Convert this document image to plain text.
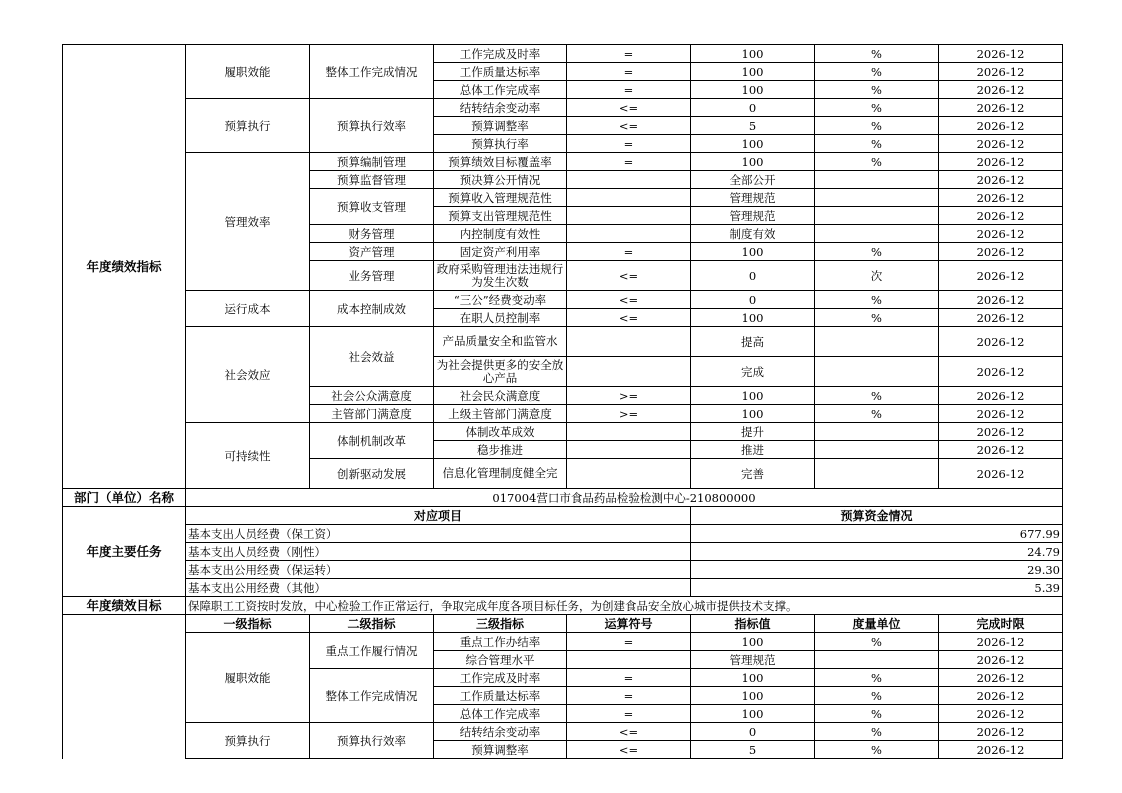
年度绩效指标	履职效能	整体工作完成情况	工作完成及时率	=	100	%	2026-12
			工作质量达标率	=	100	%	2026-12
			总体工作完成率	=	100	%	2026-12
	预算执行	预算执行效率	结转结余变动率	<=	0	%	2026-12
			预算调整率	<=	5	%	2026-12
			预算执行率	=	100	%	2026-12
	管理效率	预算编制管理	预算绩效目标覆盖率	=	100	%	2026-12
		预算监督管理	预决算公开情况		全部公开		2026-12
		预算收支管理	预算收入管理规范性		管理规范		2026-12
			预算支出管理规范性		管理规范		2026-12
		财务管理	内控制度有效性		制度有效		2026-12
		资产管理	固定资产利用率	=	100	%	2026-12
		业务管理	政府采购管理违法违规行为发生次数	<=	0	次	2026-12
	运行成本	成本控制成效	“三公”经费变动率	<=	0	%	2026-12
			在职人员控制率	<=	100	%	2026-12
	社会效应	社会效益	产品质量安全和监管水		提高		2026-12
			为社会提供更多的安全放心产品		完成		2026-12
		社会公众满意度	社会民众满意度	>=	100	%	2026-12
		主管部门满意度	上级主管部门满意度	>=	100	%	2026-12
	可持续性	体制机制改革	体制改革成效		提升		2026-12
			稳步推进		推进		2026-12
		创新驱动发展	信息化管理制度健全完		完善		2026-12
部门（单位）名称	017004营口市食品药品检验检测中心-210800000						
年度主要任务	对应项目				预算资金情况		
	基本支出人员经费（保工资）				677.99		
	基本支出人员经费（刚性）				24.79		
	基本支出公用经费（保运转）				29.30		
	基本支出公用经费（其他）				5.39		
年度绩效目标	保障职工工资按时发放，中心检验工作正常运行，争取完成年度各项目标任务，为创建食品安全放心城市提供技术支撑。						
	一级指标	二级指标	三级指标	运算符号	指标值	度量单位	完成时限
	履职效能	重点工作履行情况	重点工作办结率	=	100	%	2026-12
			综合管理水平		管理规范		2026-12
		整体工作完成情况	工作完成及时率	=	100	%	2026-12
			工作质量达标率	=	100	%	2026-12
			总体工作完成率	=	100	%	2026-12
	预算执行	预算执行效率	结转结余变动率	<=	0	%	2026-12
			预算调整率	<=	5	%	2026-12
